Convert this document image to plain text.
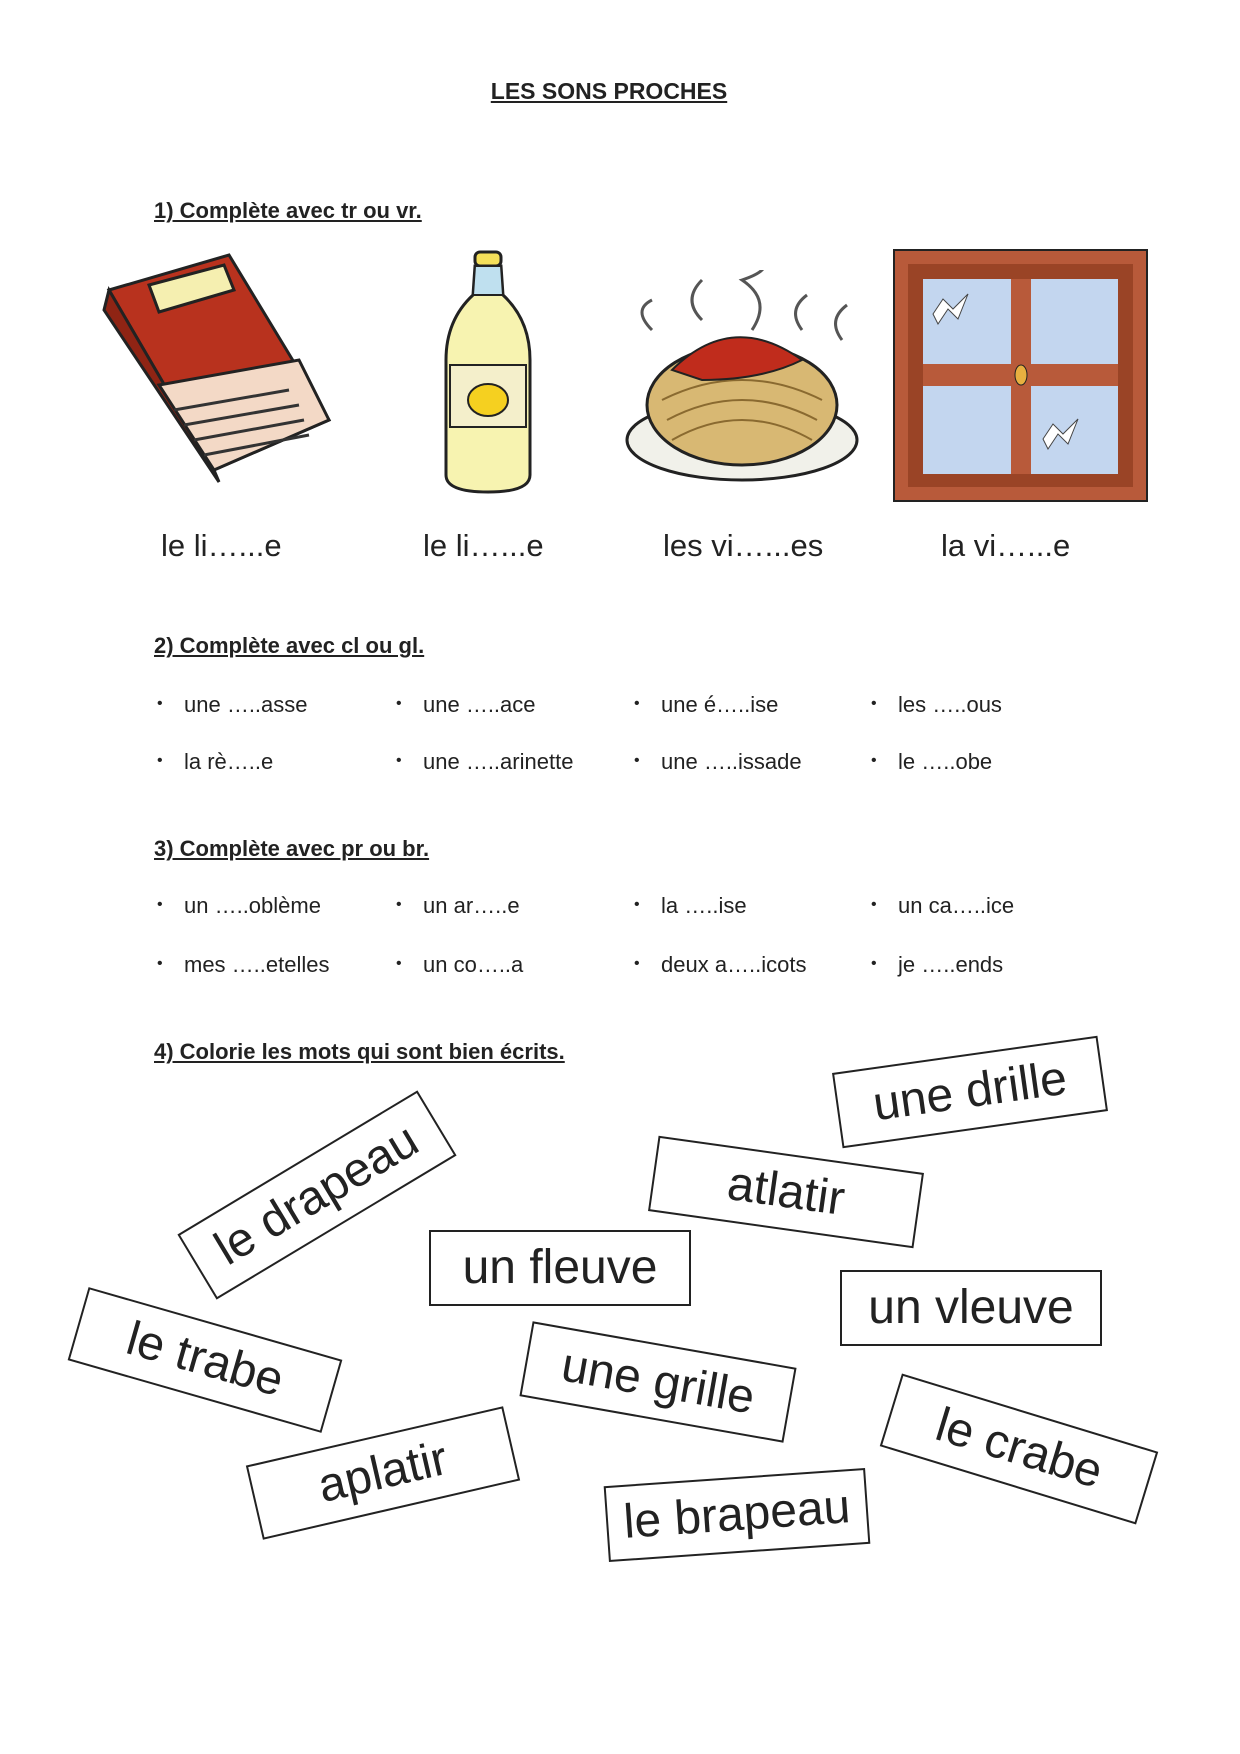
LES SONS PROCHES
1) Complète avec tr ou vr.
le li…...e	le li…...e	les vi…...es	la vi…...e
2) Complète avec cl ou gl.
• une …..asse	• une …..ace	• une é…..ise	• les …..ous
• la rè…..e	• une …..arinette	• une …..issade	• le …..obe
3) Complète avec pr ou br.
• un …..oblème	• un ar…..e	• la …..ise	• un ca…..ice
• mes …..etelles	• un co…..a	• deux a…..icots	• je …..ends
4) Colorie les mots qui sont bien écrits.
le drapeau
une drille
atlatir
un fleuve
un vleuve
le trabe	une grille
aplatir
le brapeau
le crabe
